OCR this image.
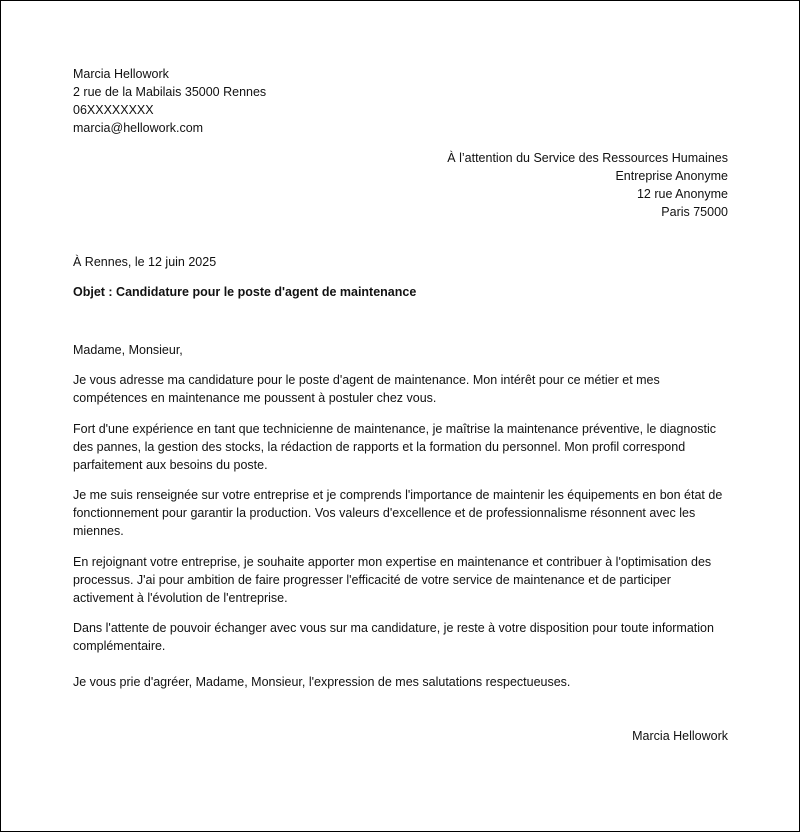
Marcia Hellowork
2 rue de la Mabilais 35000 Rennes
06XXXXXXXX
marcia@hellowork.com
À l’attention du Service des Ressources Humaines
Entreprise Anonyme
12 rue Anonyme
Paris 75000
À Rennes, le 12 juin 2025
Objet : Candidature pour le poste d'agent de maintenance
Madame, Monsieur,

Je vous adresse ma candidature pour le poste d'agent de maintenance. Mon intérêt pour ce métier et mes compétences en maintenance me poussent à postuler chez vous.

Fort d'une expérience en tant que technicienne de maintenance, je maîtrise la maintenance préventive, le diagnostic des pannes, la gestion des stocks, la rédaction de rapports et la formation du personnel. Mon profil correspond parfaitement aux besoins du poste.

Je me suis renseignée sur votre entreprise et je comprends l'importance de maintenir les équipements en bon état de fonctionnement pour garantir la production. Vos valeurs d'excellence et de professionnalisme résonnent avec les miennes.

En rejoignant votre entreprise, je souhaite apporter mon expertise en maintenance et contribuer à l'optimisation des processus. J'ai pour ambition de faire progresser l'efficacité de votre service de maintenance et de participer activement à l'évolution de l'entreprise.

Dans l'attente de pouvoir échanger avec vous sur ma candidature, je reste à votre disposition pour toute information complémentaire.

Je vous prie d'agréer, Madame, Monsieur, l'expression de mes salutations respectueuses.

Marcia Hellowork
